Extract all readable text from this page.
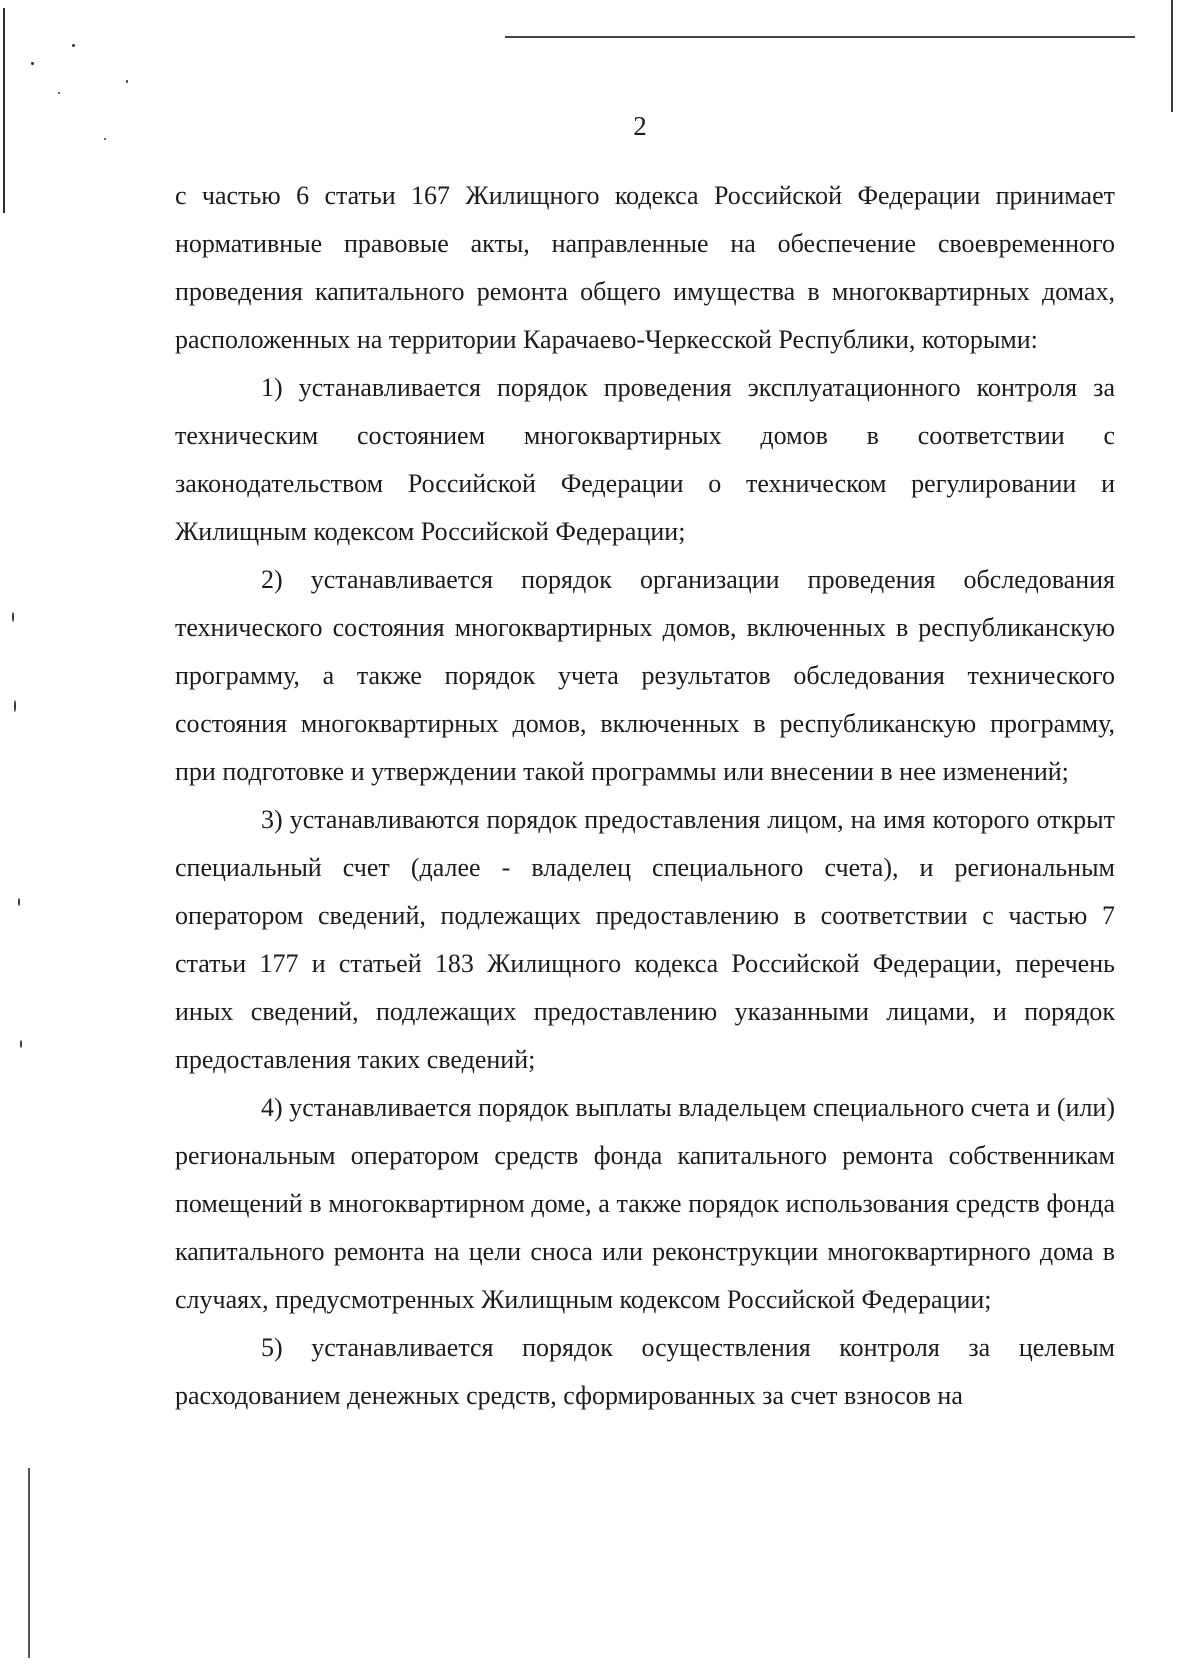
2

с частью 6 статьи 167 Жилищного кодекса Российской Федерации принимает нормативные правовые акты, направленные на обеспечение своевременного проведения капитального ремонта общего имущества в многоквартирных домах, расположенных на территории Карачаево-Черкесской Республики, которыми:

1) устанавливается порядок проведения эксплуатационного контроля за техническим состоянием многоквартирных домов в соответствии с законодательством Российской Федерации о техническом регулировании и Жилищным кодексом Российской Федерации;

2) устанавливается порядок организации проведения обследования технического состояния многоквартирных домов, включенных в республиканскую программу, а также порядок учета результатов обследования технического состояния многоквартирных домов, включенных в республиканскую программу, при подготовке и утверждении такой программы или внесении в нее изменений;

3) устанавливаются порядок предоставления лицом, на имя которого открыт специальный счет (далее - владелец специального счета), и региональным оператором сведений, подлежащих предоставлению в соответствии с частью 7 статьи 177 и статьей 183 Жилищного кодекса Российской Федерации, перечень иных сведений, подлежащих предоставлению указанными лицами, и порядок предоставления таких сведений;

4) устанавливается порядок выплаты владельцем специального счета и (или) региональным оператором средств фонда капитального ремонта собственникам помещений в многоквартирном доме, а также порядок использования средств фонда капитального ремонта на цели сноса или реконструкции многоквартирного дома в случаях, предусмотренных Жилищным кодексом Российской Федерации;

5) устанавливается порядок осуществления контроля за целевым расходованием денежных средств, сформированных за счет взносов на
